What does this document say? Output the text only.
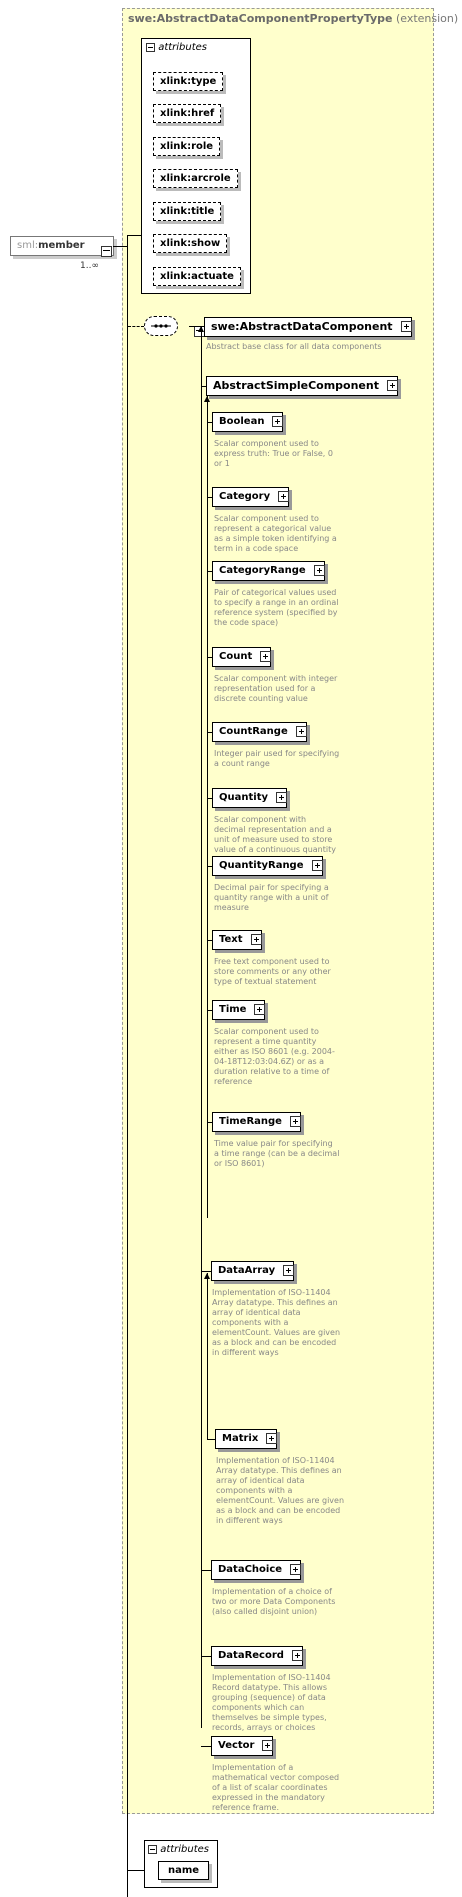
swe:AbstractDataComponentPropertyType (extension)
attributes
xlink:type
xlink:href
xlink:role
xlink:arcrole
xlink:title
xlink:show
xlink:actuate
sml:member

1..∞
swe:AbstractDataComponent
Abstract base class for all data components
AbstractSimpleComponent
Boolean
Scalar component used to express truth: True or False, 0 or 1
Category
Scalar component used to represent a categorical value as a simple token identifying a term in a code space
CategoryRange
Pair of categorical values used to specify a range in an ordinal reference system (specified by the code space)
Count
Scalar component with integer representation used for a discrete counting value
CountRange
Integer pair used for specifying a count range
Quantity
Scalar component with decimal representation and a unit of measure used to store value of a continuous quantity
QuantityRange
Decimal pair for specifying a quantity range with a unit of measure
Text
Free text component used to store comments or any other type of textual statement
Time
Scalar component used to represent a time quantity either as ISO 8601 (e.g. 2004-04-18T12:03:04.6Z) or as a duration relative to a time of reference
TimeRange
Time value pair for specifying a time range (can be a decimal or ISO 8601)
DataArray
Implementation of ISO-11404 Array datatype. This defines an array of identical data components with a elementCount. Values are given as a block and can be encoded in different ways
Matrix
Implementation of ISO-11404 Array datatype. This defines an array of identical data components with a elementCount. Values are given as a block and can be encoded in different ways
DataChoice
Implementation of a choice of two or more Data Components (also called disjoint union)
DataRecord
Implementation of ISO-11404 Record datatype. This allows grouping (sequence) of data components which can themselves be simple types, records, arrays or choices
Vector
Implementation of a mathematical vector composed of a list of scalar coordinates expressed in the mandatory reference frame.
attributes
name
